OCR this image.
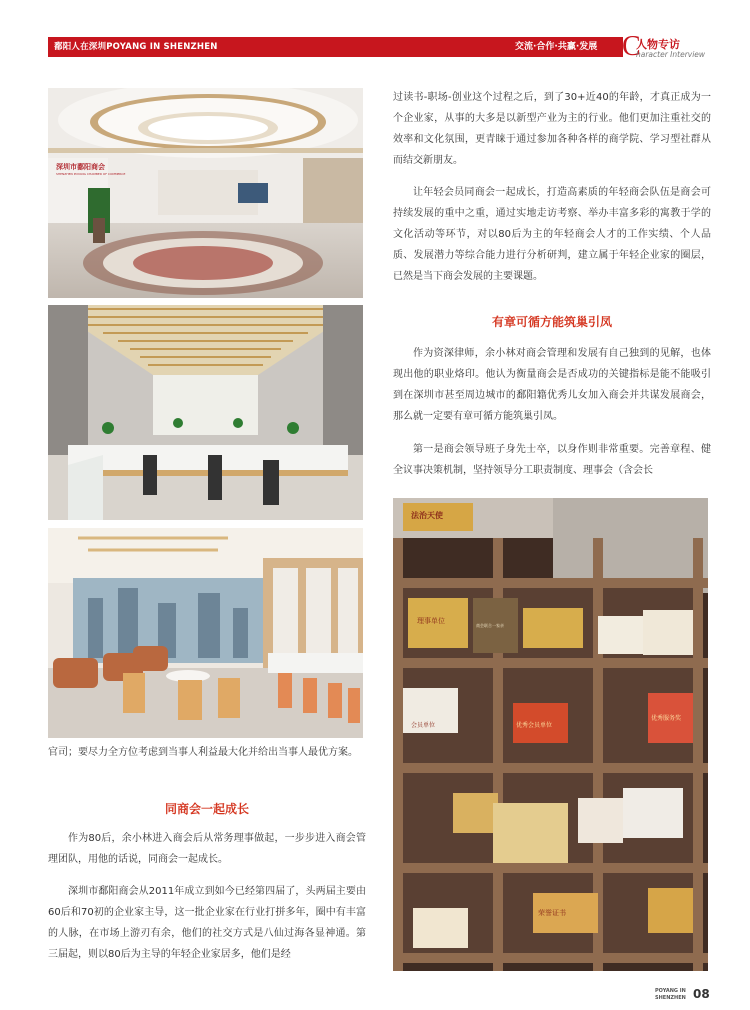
鄱阳人在深圳POYANG IN SHENZHEN	交流·合作·共赢·发展 C
人物专访
haracter Interview
深圳市鄱阳商会
SHENZHEN POYANG CHAMBER OF COMMERCE
法治天使
理事单位
商会联合一家亲
优秀服务奖
会员单位	优秀会员单位
荣誉证书

过读书-职场-创业这个过程之后，到了30+近40的年龄，才真正成为一个企业家，从事的大多是以新型产业为主的行业。他们更加注重社交的效率和文化氛围，更青睐于通过参加各种各样的商学院、学习型社群从而结交新朋友。

让年轻会员同商会一起成长，打造高素质的年轻商会队伍是商会可持续发展的重中之重，通过实地走访考察、举办丰富多彩的寓教于学的文化活动等环节，对以80后为主的年轻商会人才的工作实绩、个人品质、发展潜力等综合能力进行分析研判，建立属于年轻企业家的圈层，已然是当下商会发展的主要课题。

有章可循方能筑巢引凤

作为资深律师，余小林对商会管理和发展有自己独到的见解，也体现出他的职业烙印。他认为衡量商会是否成功的关键指标是能不能吸引到在深圳市甚至周边城市的鄱阳籍优秀儿女加入商会并共谋发展商会，那么就一定要有章可循方能筑巢引凤。

第一是商会领导班子身先士卒，以身作则非常重要。完善章程、健全议事决策机制，坚持领导分工职责制度、理事会（含会长

官司；要尽力全方位考虑到当事人利益最大化并给出当事人最优方案。

同商会一起成长

作为80后，余小林进入商会后从常务理事做起，一步步进入商会管理团队，用他的话说，同商会一起成长。

深圳市鄱阳商会从2011年成立到如今已经第四届了，头两届主要由60后和70初的企业家主导，这一批企业家在行业打拼多年，圈中有丰富的人脉，在市场上游刃有余，他们的社交方式是八仙过海各显神通。第三届起，则以80后为主导的年轻企业家居多，他们是经

POYANG IN
SHENZHEN 08
